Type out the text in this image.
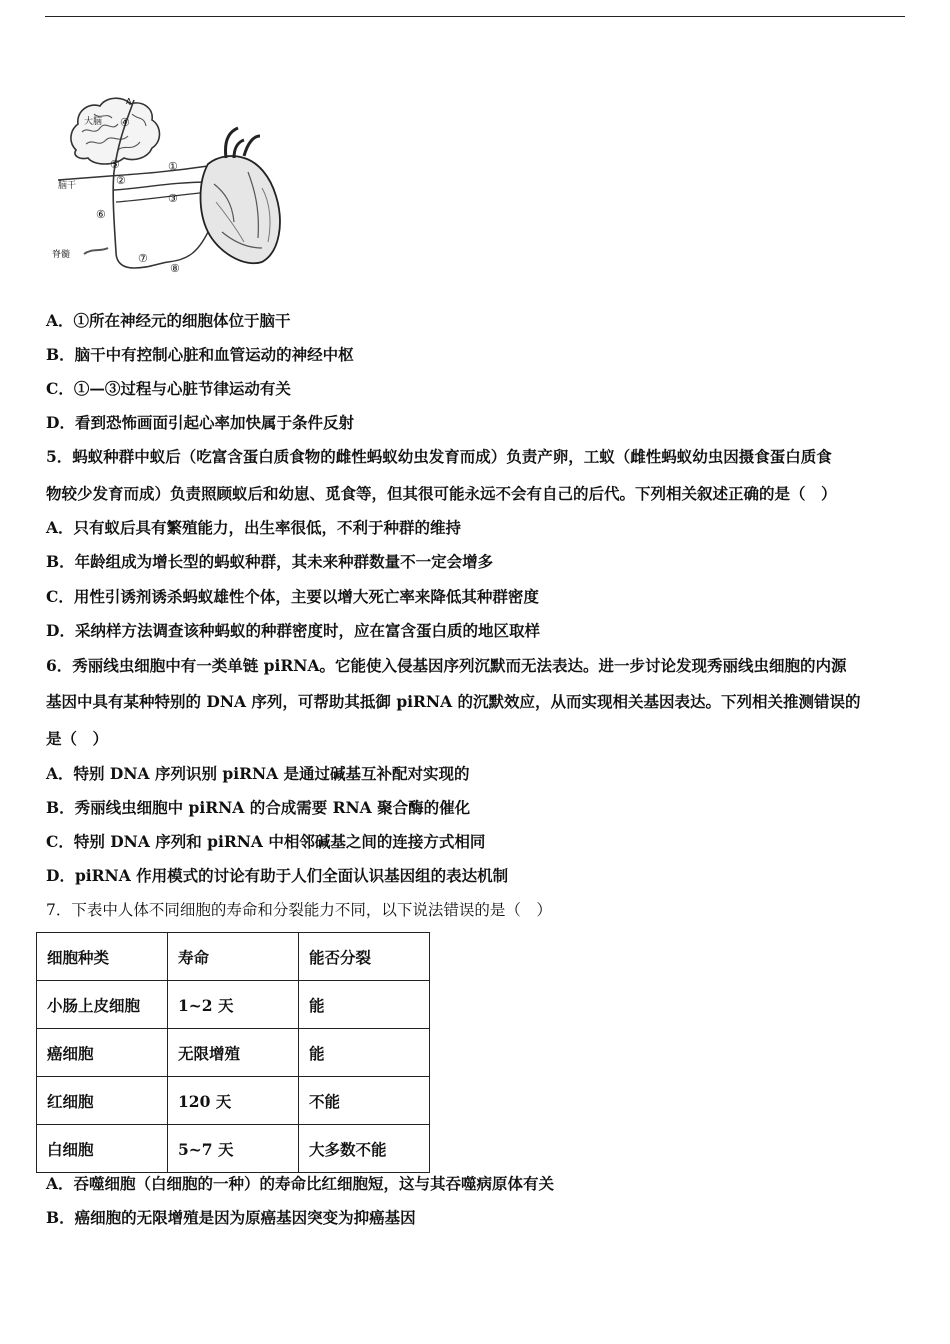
大脑
A
脑干
脊髓
①
②
③
④
⑤
⑥
⑦
⑧
A．①所在神经元的细胞体位于脑干
B．脑干中有控制心脏和血管运动的神经中枢
C．①—③过程与心脏节律运动有关
D．看到恐怖画面引起心率加快属于条件反射
5．蚂蚁种群中蚁后（吃富含蛋白质食物的雌性蚂蚁幼虫发育而成）负责产卵，工蚁（雌性蚂蚁幼虫因摄食蛋白质食
物较少发育而成）负责照顾蚁后和幼崽、觅食等，但其很可能永远不会有自己的后代。下列相关叙述正确的是（　）
A．只有蚁后具有繁殖能力，出生率很低，不利于种群的维持
B．年龄组成为增长型的蚂蚁种群，其未来种群数量不一定会增多
C．用性引诱剂诱杀蚂蚁雄性个体，主要以增大死亡率来降低其种群密度
D．采纳样方法调查该种蚂蚁的种群密度时，应在富含蛋白质的地区取样
6．秀丽线虫细胞中有一类单链 piRNA。它能使入侵基因序列沉默而无法表达。进一步讨论发现秀丽线虫细胞的内源
基因中具有某种特别的 DNA 序列，可帮助其抵御 piRNA 的沉默效应，从而实现相关基因表达。下列相关推测错误的
是（　）
A．特别 DNA 序列识别 piRNA 是通过碱基互补配对实现的
B．秀丽线虫细胞中 piRNA 的合成需要 RNA 聚合酶的催化
C．特别 DNA 序列和 piRNA 中相邻碱基之间的连接方式相同
D．piRNA 作用模式的讨论有助于人们全面认识基因组的表达机制
7．下表中人体不同细胞的寿命和分裂能力不同，以下说法错误的是（　）
细胞种类	寿命	能否分裂
小肠上皮细胞	1~2 天	能
癌细胞	无限增殖	能
红细胞	120 天	不能
白细胞	5~7 天	大多数不能
A．吞噬细胞（白细胞的一种）的寿命比红细胞短，这与其吞噬病原体有关
B．癌细胞的无限增殖是因为原癌基因突变为抑癌基因
